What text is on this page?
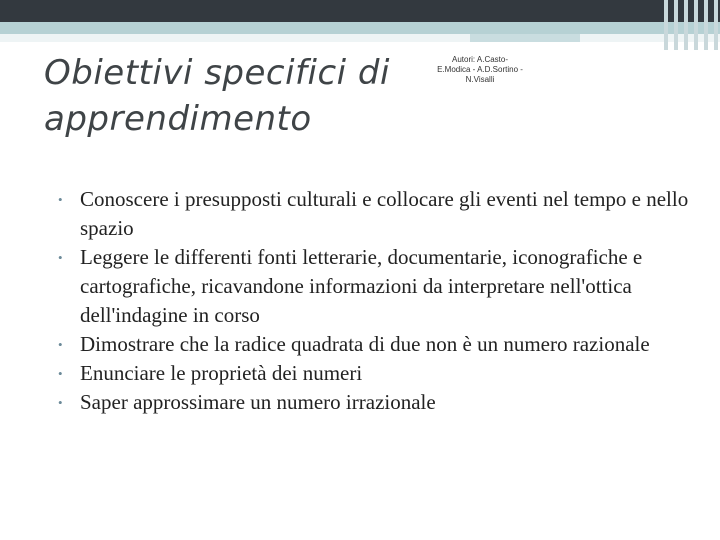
Obiettivi specifici di
apprendimento
Autori: A.Casto-
E.Modica - A.D.Sortino -
N.Visalli
• Conoscere i presupposti culturali e collocare gli eventi nel tempo e nello spazio
• Leggere le differenti fonti letterarie, documentarie, iconografiche e cartografiche, ricavandone informazioni da interpretare nell'ottica dell'indagine in corso
• Dimostrare che la radice quadrata di due non è un numero razionale
• Enunciare le proprietà dei numeri
• Saper approssimare un numero irrazionale
